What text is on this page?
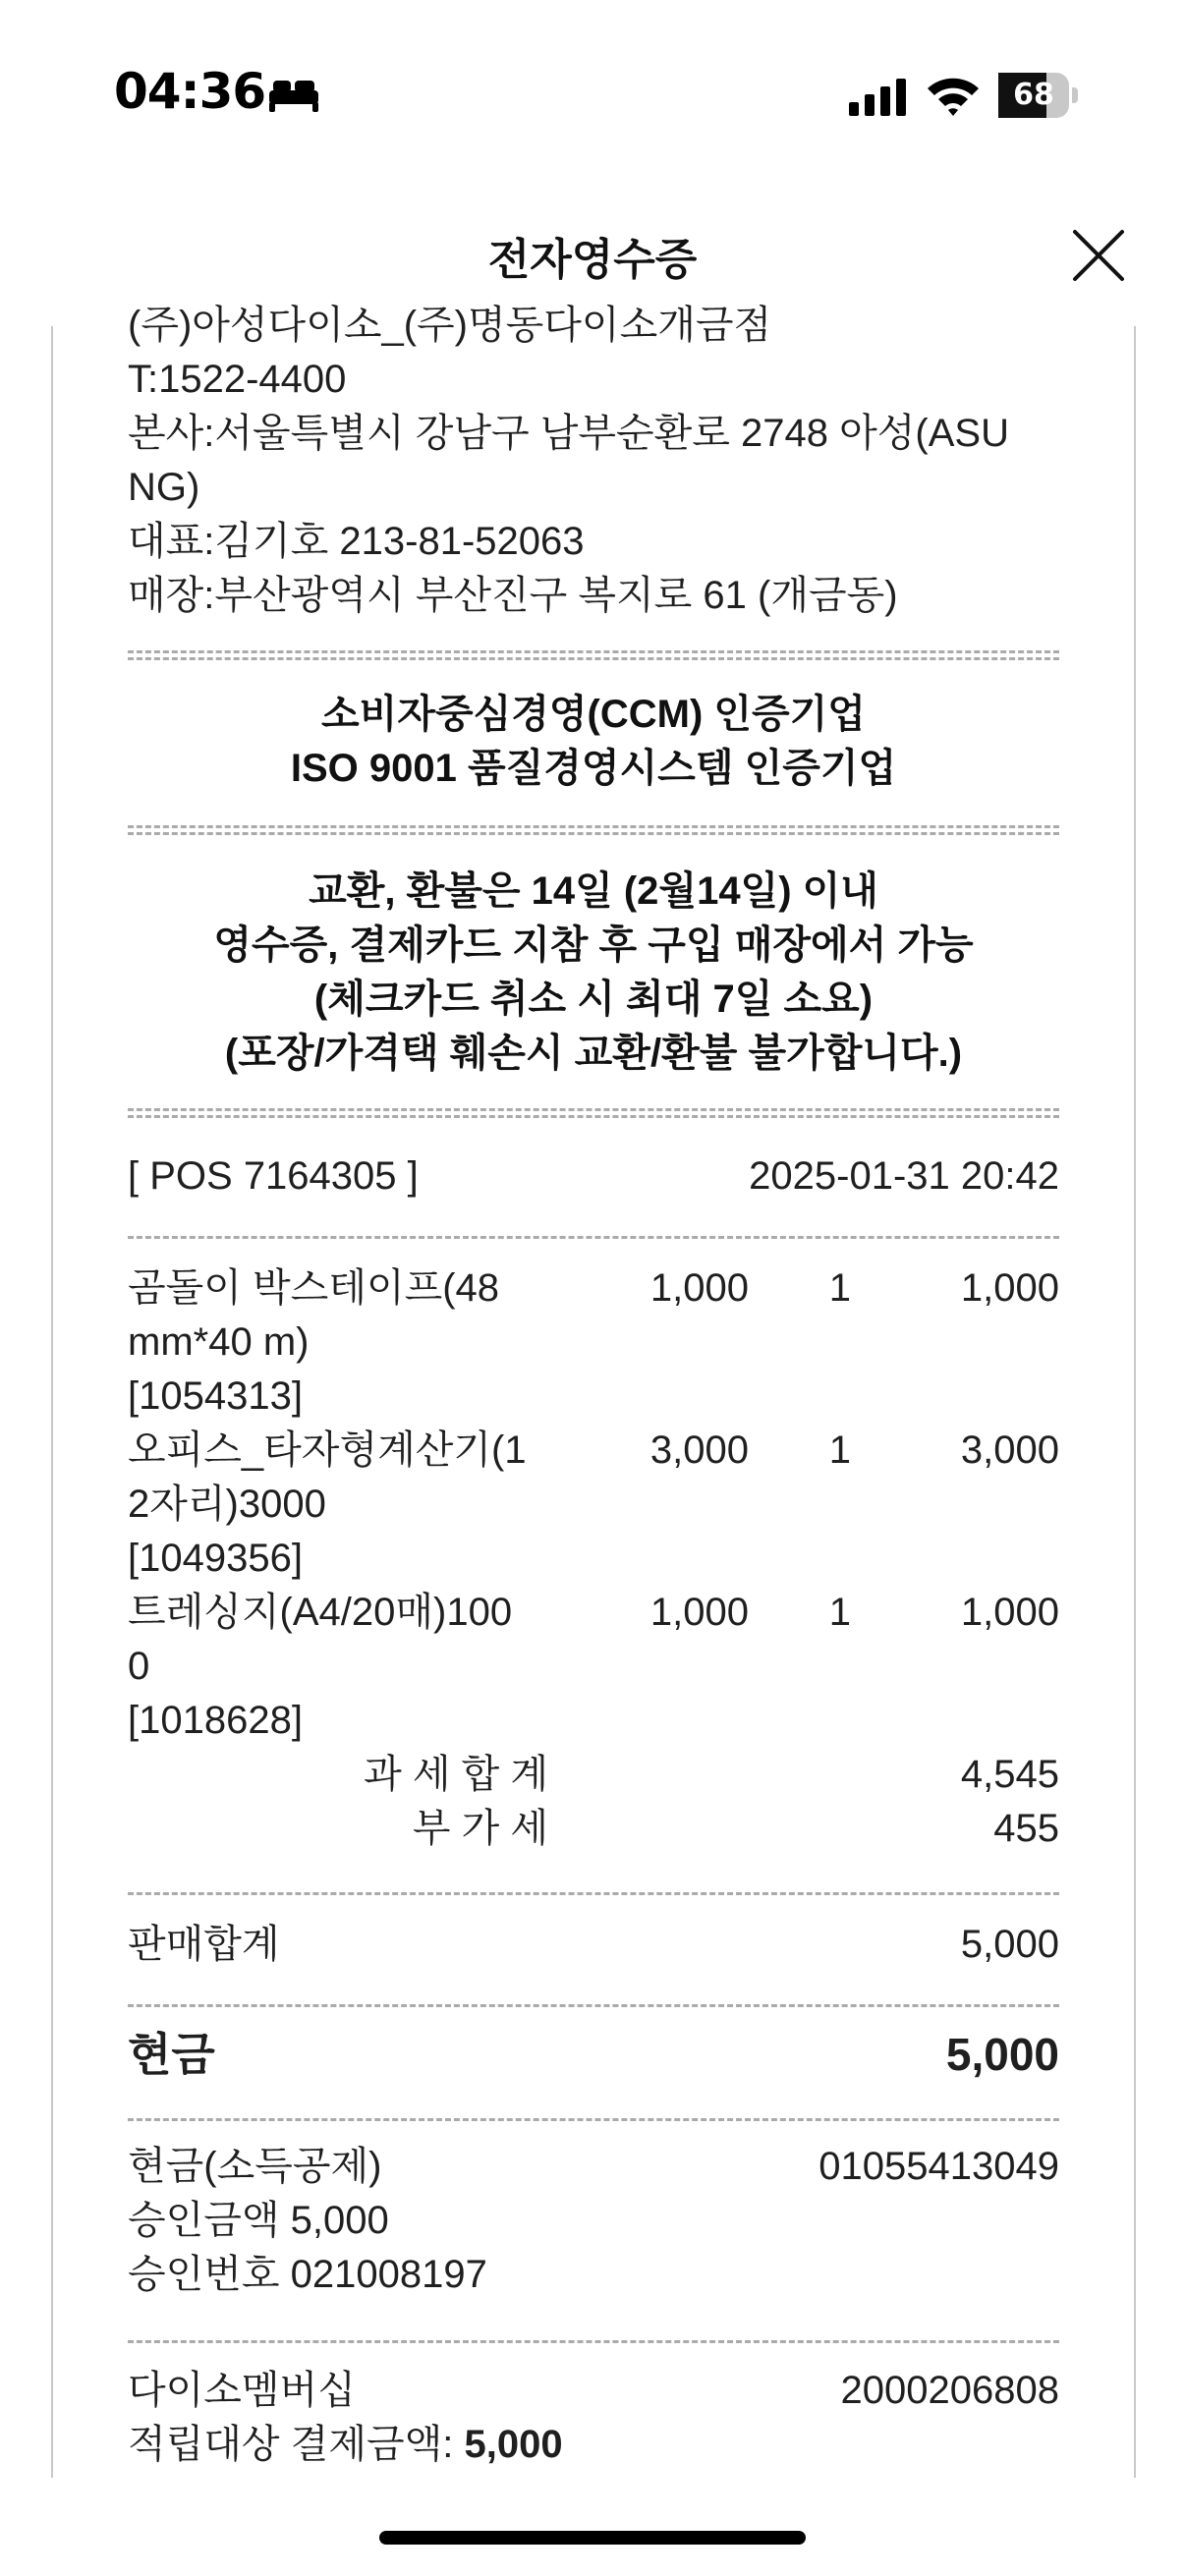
04:36	68
전자영수증
(주)아성다이소_(주)명동다이소개금점
T:1522-4400
본사:서울특별시 강남구 남부순환로 2748 아성(ASU
NG)
대표:김기호 213-81-52063
매장:부산광역시 부산진구 복지로 61 (개금동)
소비자중심경영(CCM) 인증기업
ISO 9001 품질경영시스템 인증기업
교환, 환불은 14일 (2월14일) 이내
영수증, 결제카드 지참 후 구입 매장에서 가능
(체크카드 취소 시 최대 7일 소요)
(포장/가격택 훼손시 교환/환불 불가합니다.)
[ POS 7164305 ]	2025-01-31 20:42
곰돌이 박스테이프(48
mm*40 m)
[1054313]
1,000 1	1,000
오피스_타자형계산기(1
2자리)3000
[1049356]
3,000 1	3,000
트레싱지(A4/20매)100
0
[1018628]
1,000 1	1,000
과 세 합 계	4,545
부 가 세	455
판매합계	5,000
현금	5,000
현금(소득공제)	01055413049
승인금액 5,000
승인번호 021008197
다이소멤버십	2000206808
적립대상 결제금액: 5,000
